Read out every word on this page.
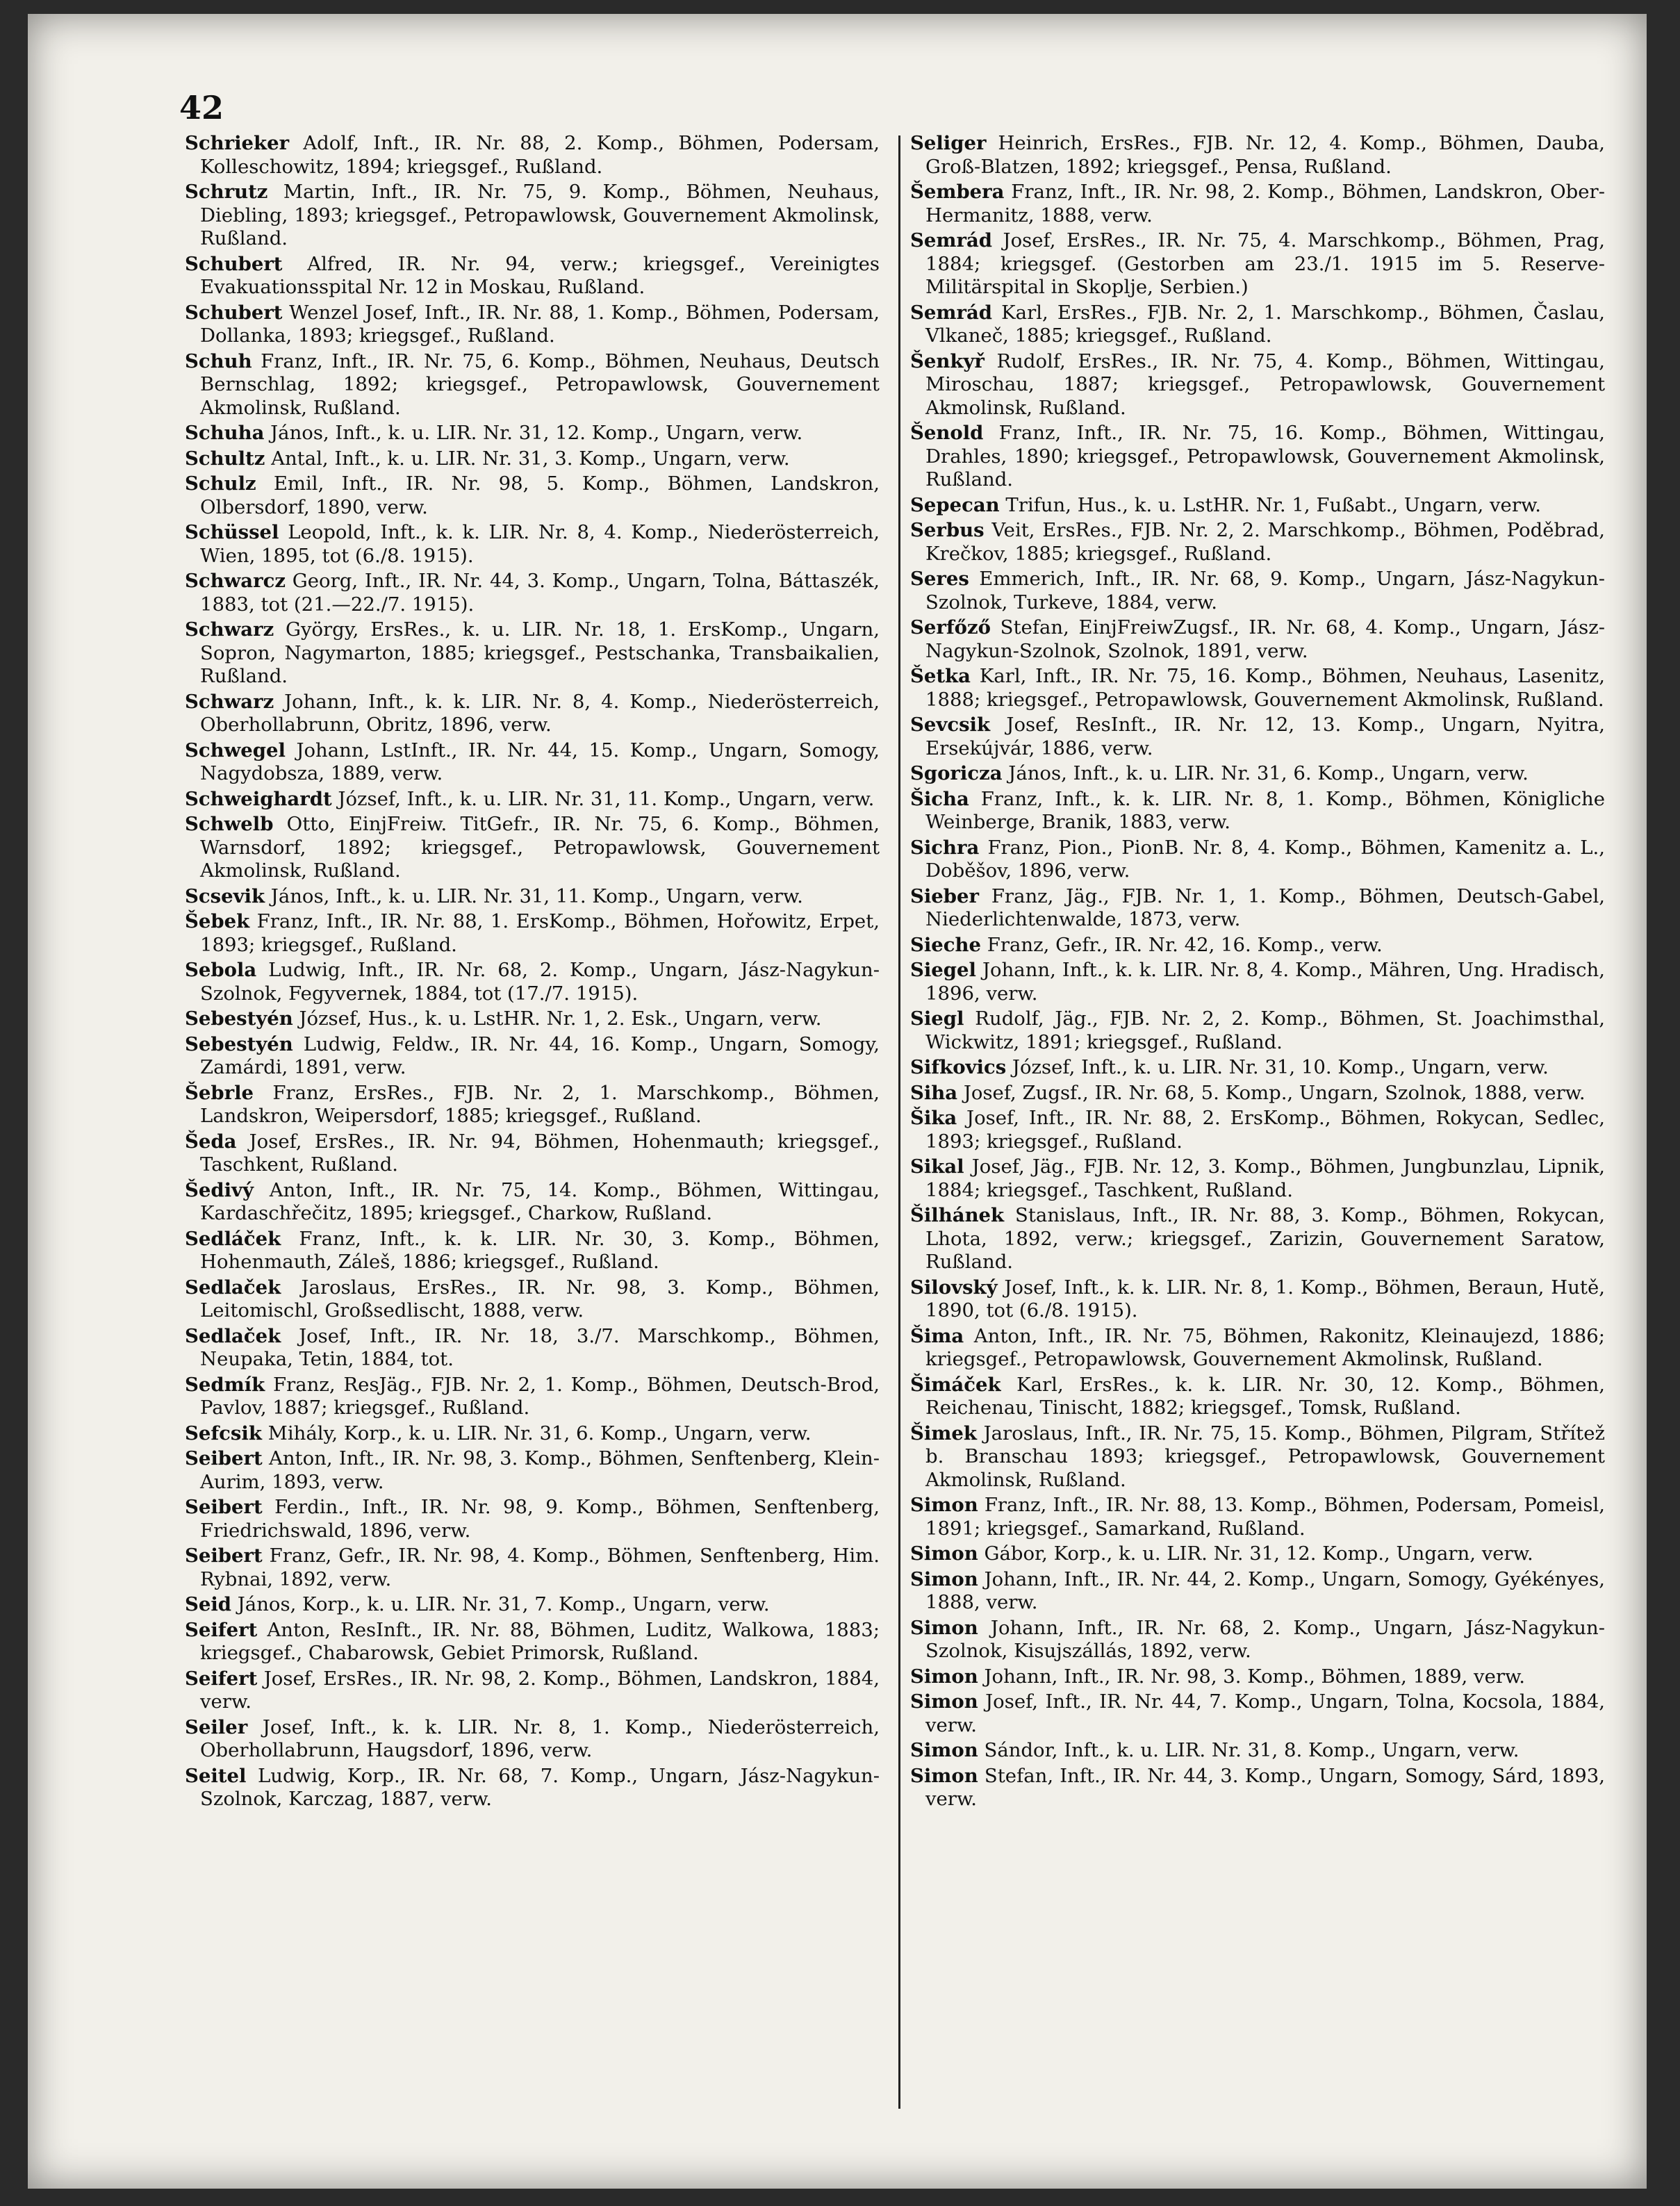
42

Schrieker Adolf, Inft., IR. Nr. 88, 2. Komp., Böhmen, Podersam, Kolleschowitz, 1894; kriegsgef., Rußland.

Schrutz Martin, Inft., IR. Nr. 75, 9. Komp., Böhmen, Neuhaus, Diebling, 1893; kriegsgef., Petropawlowsk, Gouvernement Akmolinsk, Rußland.

Schubert Alfred, IR. Nr. 94, verw.; kriegsgef., Vereinigtes Evakuationsspital Nr. 12 in Moskau, Rußland.

Schubert Wenzel Josef, Inft., IR. Nr. 88, 1. Komp., Böhmen, Podersam, Dollanka, 1893; kriegsgef., Rußland.

Schuh Franz, Inft., IR. Nr. 75, 6. Komp., Böhmen, Neuhaus, Deutsch Bernschlag, 1892; kriegsgef., Petropawlowsk, Gouvernement Akmolinsk, Rußland.

Schuha János, Inft., k. u. LIR. Nr. 31, 12. Komp., Ungarn, verw.

Schultz Antal, Inft., k. u. LIR. Nr. 31, 3. Komp., Ungarn, verw.

Schulz Emil, Inft., IR. Nr. 98, 5. Komp., Böhmen, Landskron, Olbersdorf, 1890, verw.

Schüssel Leopold, Inft., k. k. LIR. Nr. 8, 4. Komp., Niederösterreich, Wien, 1895, tot (6./8. 1915).

Schwarcz Georg, Inft., IR. Nr. 44, 3. Komp., Ungarn, Tolna, Báttaszék, 1883, tot (21.—22./7. 1915).

Schwarz György, ErsRes., k. u. LIR. Nr. 18, 1. ErsKomp., Ungarn, Sopron, Nagymarton, 1885; kriegsgef., Pestschanka, Transbaikalien, Rußland.

Schwarz Johann, Inft., k. k. LIR. Nr. 8, 4. Komp., Niederösterreich, Oberhollabrunn, Obritz, 1896, verw.

Schwegel Johann, LstInft., IR. Nr. 44, 15. Komp., Ungarn, Somogy, Nagydobsza, 1889, verw.

Schweighardt József, Inft., k. u. LIR. Nr. 31, 11. Komp., Ungarn, verw.

Schwelb Otto, EinjFreiw. TitGefr., IR. Nr. 75, 6. Komp., Böhmen, Warnsdorf, 1892; kriegsgef., Petropawlowsk, Gouvernement Akmolinsk, Rußland.

Scsevik János, Inft., k. u. LIR. Nr. 31, 11. Komp., Ungarn, verw.

Šebek Franz, Inft., IR. Nr. 88, 1. ErsKomp., Böhmen, Hořowitz, Erpet, 1893; kriegsgef., Rußland.

Sebola Ludwig, Inft., IR. Nr. 68, 2. Komp., Ungarn, Jász-Nagykun-Szolnok, Fegyvernek, 1884, tot (17./7. 1915).

Sebestyén József, Hus., k. u. LstHR. Nr. 1, 2. Esk., Ungarn, verw.

Sebestyén Ludwig, Feldw., IR. Nr. 44, 16. Komp., Ungarn, Somogy, Zamárdi, 1891, verw.

Šebrle Franz, ErsRes., FJB. Nr. 2, 1. Marschkomp., Böhmen, Landskron, Weipersdorf, 1885; kriegsgef., Rußland.

Šeda Josef, ErsRes., IR. Nr. 94, Böhmen, Hohenmauth; kriegsgef., Taschkent, Rußland.

Šedivý Anton, Inft., IR. Nr. 75, 14. Komp., Böhmen, Wittingau, Kardaschřečitz, 1895; kriegsgef., Charkow, Rußland.

Sedláček Franz, Inft., k. k. LIR. Nr. 30, 3. Komp., Böhmen, Hohenmauth, Záleš, 1886; kriegsgef., Rußland.

Sedlaček Jaroslaus, ErsRes., IR. Nr. 98, 3. Komp., Böhmen, Leitomischl, Großsedlischt, 1888, verw.

Sedlaček Josef, Inft., IR. Nr. 18, 3./7. Marschkomp., Böhmen, Neupaka, Tetin, 1884, tot.

Sedmík Franz, ResJäg., FJB. Nr. 2, 1. Komp., Böhmen, Deutsch-Brod, Pavlov, 1887; kriegsgef., Rußland.

Sefcsik Mihály, Korp., k. u. LIR. Nr. 31, 6. Komp., Ungarn, verw.

Seibert Anton, Inft., IR. Nr. 98, 3. Komp., Böhmen, Senftenberg, Klein-Aurim, 1893, verw.

Seibert Ferdin., Inft., IR. Nr. 98, 9. Komp., Böhmen, Senftenberg, Friedrichswald, 1896, verw.

Seibert Franz, Gefr., IR. Nr. 98, 4. Komp., Böhmen, Senftenberg, Him. Rybnai, 1892, verw.

Seid János, Korp., k. u. LIR. Nr. 31, 7. Komp., Ungarn, verw.

Seifert Anton, ResInft., IR. Nr. 88, Böhmen, Luditz, Walkowa, 1883; kriegsgef., Chabarowsk, Gebiet Primorsk, Rußland.

Seifert Josef, ErsRes., IR. Nr. 98, 2. Komp., Böhmen, Landskron, 1884, verw.

Seiler Josef, Inft., k. k. LIR. Nr. 8, 1. Komp., Niederösterreich, Oberhollabrunn, Haugsdorf, 1896, verw.

Seitel Ludwig, Korp., IR. Nr. 68, 7. Komp., Ungarn, Jász-Nagykun-Szolnok, Karczag, 1887, verw.

Seliger Heinrich, ErsRes., FJB. Nr. 12, 4. Komp., Böhmen, Dauba, Groß-Blatzen, 1892; kriegsgef., Pensa, Rußland.

Šembera Franz, Inft., IR. Nr. 98, 2. Komp., Böhmen, Landskron, Ober-Hermanitz, 1888, verw.

Semrád Josef, ErsRes., IR. Nr. 75, 4. Marschkomp., Böhmen, Prag, 1884; kriegsgef. (Gestorben am 23./1. 1915 im 5. Reserve-Militärspital in Skoplje, Serbien.)

Semrád Karl, ErsRes., FJB. Nr. 2, 1. Marschkomp., Böhmen, Časlau, Vlkaneč, 1885; kriegsgef., Rußland.

Šenkyř Rudolf, ErsRes., IR. Nr. 75, 4. Komp., Böhmen, Wittingau, Miroschau, 1887; kriegsgef., Petropawlowsk, Gouvernement Akmolinsk, Rußland.

Šenold Franz, Inft., IR. Nr. 75, 16. Komp., Böhmen, Wittingau, Drahles, 1890; kriegsgef., Petropawlowsk, Gouvernement Akmolinsk, Rußland.

Sepecan Trifun, Hus., k. u. LstHR. Nr. 1, Fußabt., Ungarn, verw.

Serbus Veit, ErsRes., FJB. Nr. 2, 2. Marschkomp., Böhmen, Poděbrad, Krečkov, 1885; kriegsgef., Rußland.

Seres Emmerich, Inft., IR. Nr. 68, 9. Komp., Ungarn, Jász-Nagykun-Szolnok, Turkeve, 1884, verw.

Serfőző Stefan, EinjFreiwZugsf., IR. Nr. 68, 4. Komp., Ungarn, Jász-Nagykun-Szolnok, Szolnok, 1891, verw.

Šetka Karl, Inft., IR. Nr. 75, 16. Komp., Böhmen, Neuhaus, Lasenitz, 1888; kriegsgef., Petropawlowsk, Gouvernement Akmolinsk, Rußland.

Sevcsik Josef, ResInft., IR. Nr. 12, 13. Komp., Ungarn, Nyitra, Ersekújvár, 1886, verw.

Sgoricza János, Inft., k. u. LIR. Nr. 31, 6. Komp., Ungarn, verw.

Šicha Franz, Inft., k. k. LIR. Nr. 8, 1. Komp., Böhmen, Königliche Weinberge, Branik, 1883, verw.

Sichra Franz, Pion., PionB. Nr. 8, 4. Komp., Böhmen, Kamenitz a. L., Doběšov, 1896, verw.

Sieber Franz, Jäg., FJB. Nr. 1, 1. Komp., Böhmen, Deutsch-Gabel, Niederlichtenwalde, 1873, verw.

Sieche Franz, Gefr., IR. Nr. 42, 16. Komp., verw.

Siegel Johann, Inft., k. k. LIR. Nr. 8, 4. Komp., Mähren, Ung. Hradisch, 1896, verw.

Siegl Rudolf, Jäg., FJB. Nr. 2, 2. Komp., Böhmen, St. Joachimsthal, Wickwitz, 1891; kriegsgef., Rußland.

Sifkovics József, Inft., k. u. LIR. Nr. 31, 10. Komp., Ungarn, verw.

Siha Josef, Zugsf., IR. Nr. 68, 5. Komp., Ungarn, Szolnok, 1888, verw.

Šika Josef, Inft., IR. Nr. 88, 2. ErsKomp., Böhmen, Rokycan, Sedlec, 1893; kriegsgef., Rußland.

Sikal Josef, Jäg., FJB. Nr. 12, 3. Komp., Böhmen, Jungbunzlau, Lipnik, 1884; kriegsgef., Taschkent, Rußland.

Šilhánek Stanislaus, Inft., IR. Nr. 88, 3. Komp., Böhmen, Rokycan, Lhota, 1892, verw.; kriegsgef., Zarizin, Gouvernement Saratow, Rußland.

Silovský Josef, Inft., k. k. LIR. Nr. 8, 1. Komp., Böhmen, Beraun, Hutě, 1890, tot (6./8. 1915).

Šima Anton, Inft., IR. Nr. 75, Böhmen, Rakonitz, Kleinaujezd, 1886; kriegsgef., Petropawlowsk, Gouvernement Akmolinsk, Rußland.

Šimáček Karl, ErsRes., k. k. LIR. Nr. 30, 12. Komp., Böhmen, Reichenau, Tinischt, 1882; kriegsgef., Tomsk, Rußland.

Šimek Jaroslaus, Inft., IR. Nr. 75, 15. Komp., Böhmen, Pilgram, Střítež b. Branschau 1893; kriegsgef., Petropawlowsk, Gouvernement Akmolinsk, Rußland.

Simon Franz, Inft., IR. Nr. 88, 13. Komp., Böhmen, Podersam, Pomeisl, 1891; kriegsgef., Samarkand, Rußland.

Simon Gábor, Korp., k. u. LIR. Nr. 31, 12. Komp., Ungarn, verw.

Simon Johann, Inft., IR. Nr. 44, 2. Komp., Ungarn, Somogy, Gyékényes, 1888, verw.

Simon Johann, Inft., IR. Nr. 68, 2. Komp., Ungarn, Jász-Nagykun-Szolnok, Kisujszállás, 1892, verw.

Simon Johann, Inft., IR. Nr. 98, 3. Komp., Böhmen, 1889, verw.

Simon Josef, Inft., IR. Nr. 44, 7. Komp., Ungarn, Tolna, Kocsola, 1884, verw.

Simon Sándor, Inft., k. u. LIR. Nr. 31, 8. Komp., Ungarn, verw.

Simon Stefan, Inft., IR. Nr. 44, 3. Komp., Ungarn, Somogy, Sárd, 1893, verw.
